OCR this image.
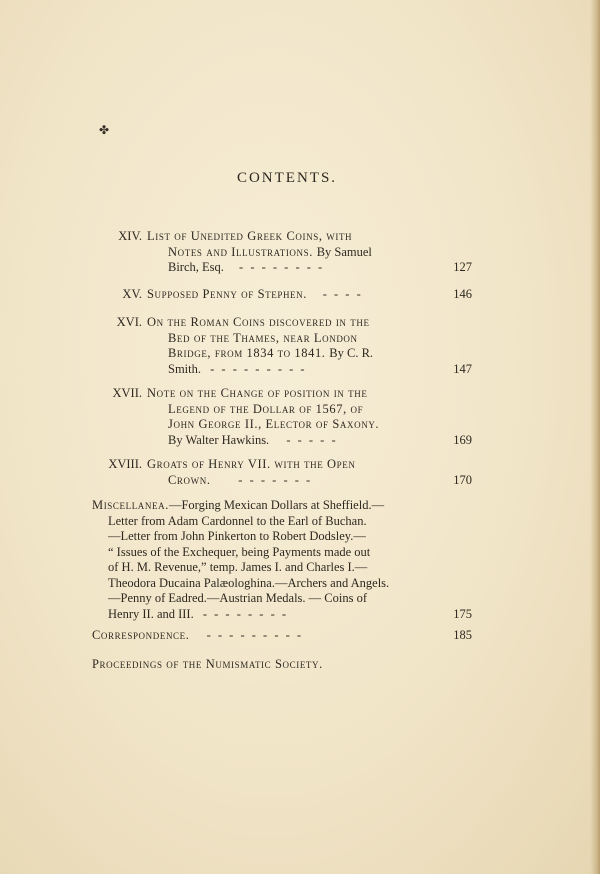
✤
CONTENTS.
XIV. List of Unedited Greek Coins, with
Notes and Illustrations. By Samuel
Birch, Esq. - - - - - - - -	127
XV. Supposed Penny of Stephen. - - - -	146
XVI. On the Roman Coins discovered in the
Bed of the Thames, near London
Bridge, from 1834 to 1841. By C. R.
Smith. - - - - - - - - -	147
XVII. Note on the Change of position in the
Legend of the Dollar of 1567, of
John George II., Elector of Saxony.
By Walter Hawkins. - - - - -	169
XVIII. Groats of Henry VII. with the Open
Crown. - - - - - - -	170
Miscellanea.—Forging Mexican Dollars at Sheffield.—
Letter from Adam Cardonnel to the Earl of Buchan.
—Letter from John Pinkerton to Robert Dodsley.—
“ Issues of the Exchequer, being Payments made out
of H. M. Revenue,” temp. James I. and Charles I.—
Theodora Ducaina Palæologhina.—Archers and Angels.
—Penny of Eadred.—Austrian Medals. — Coins of
Henry II. and III. - - - - - - - -	175
Correspondence. - - - - - - - - -	185
Proceedings of the Numismatic Society.
